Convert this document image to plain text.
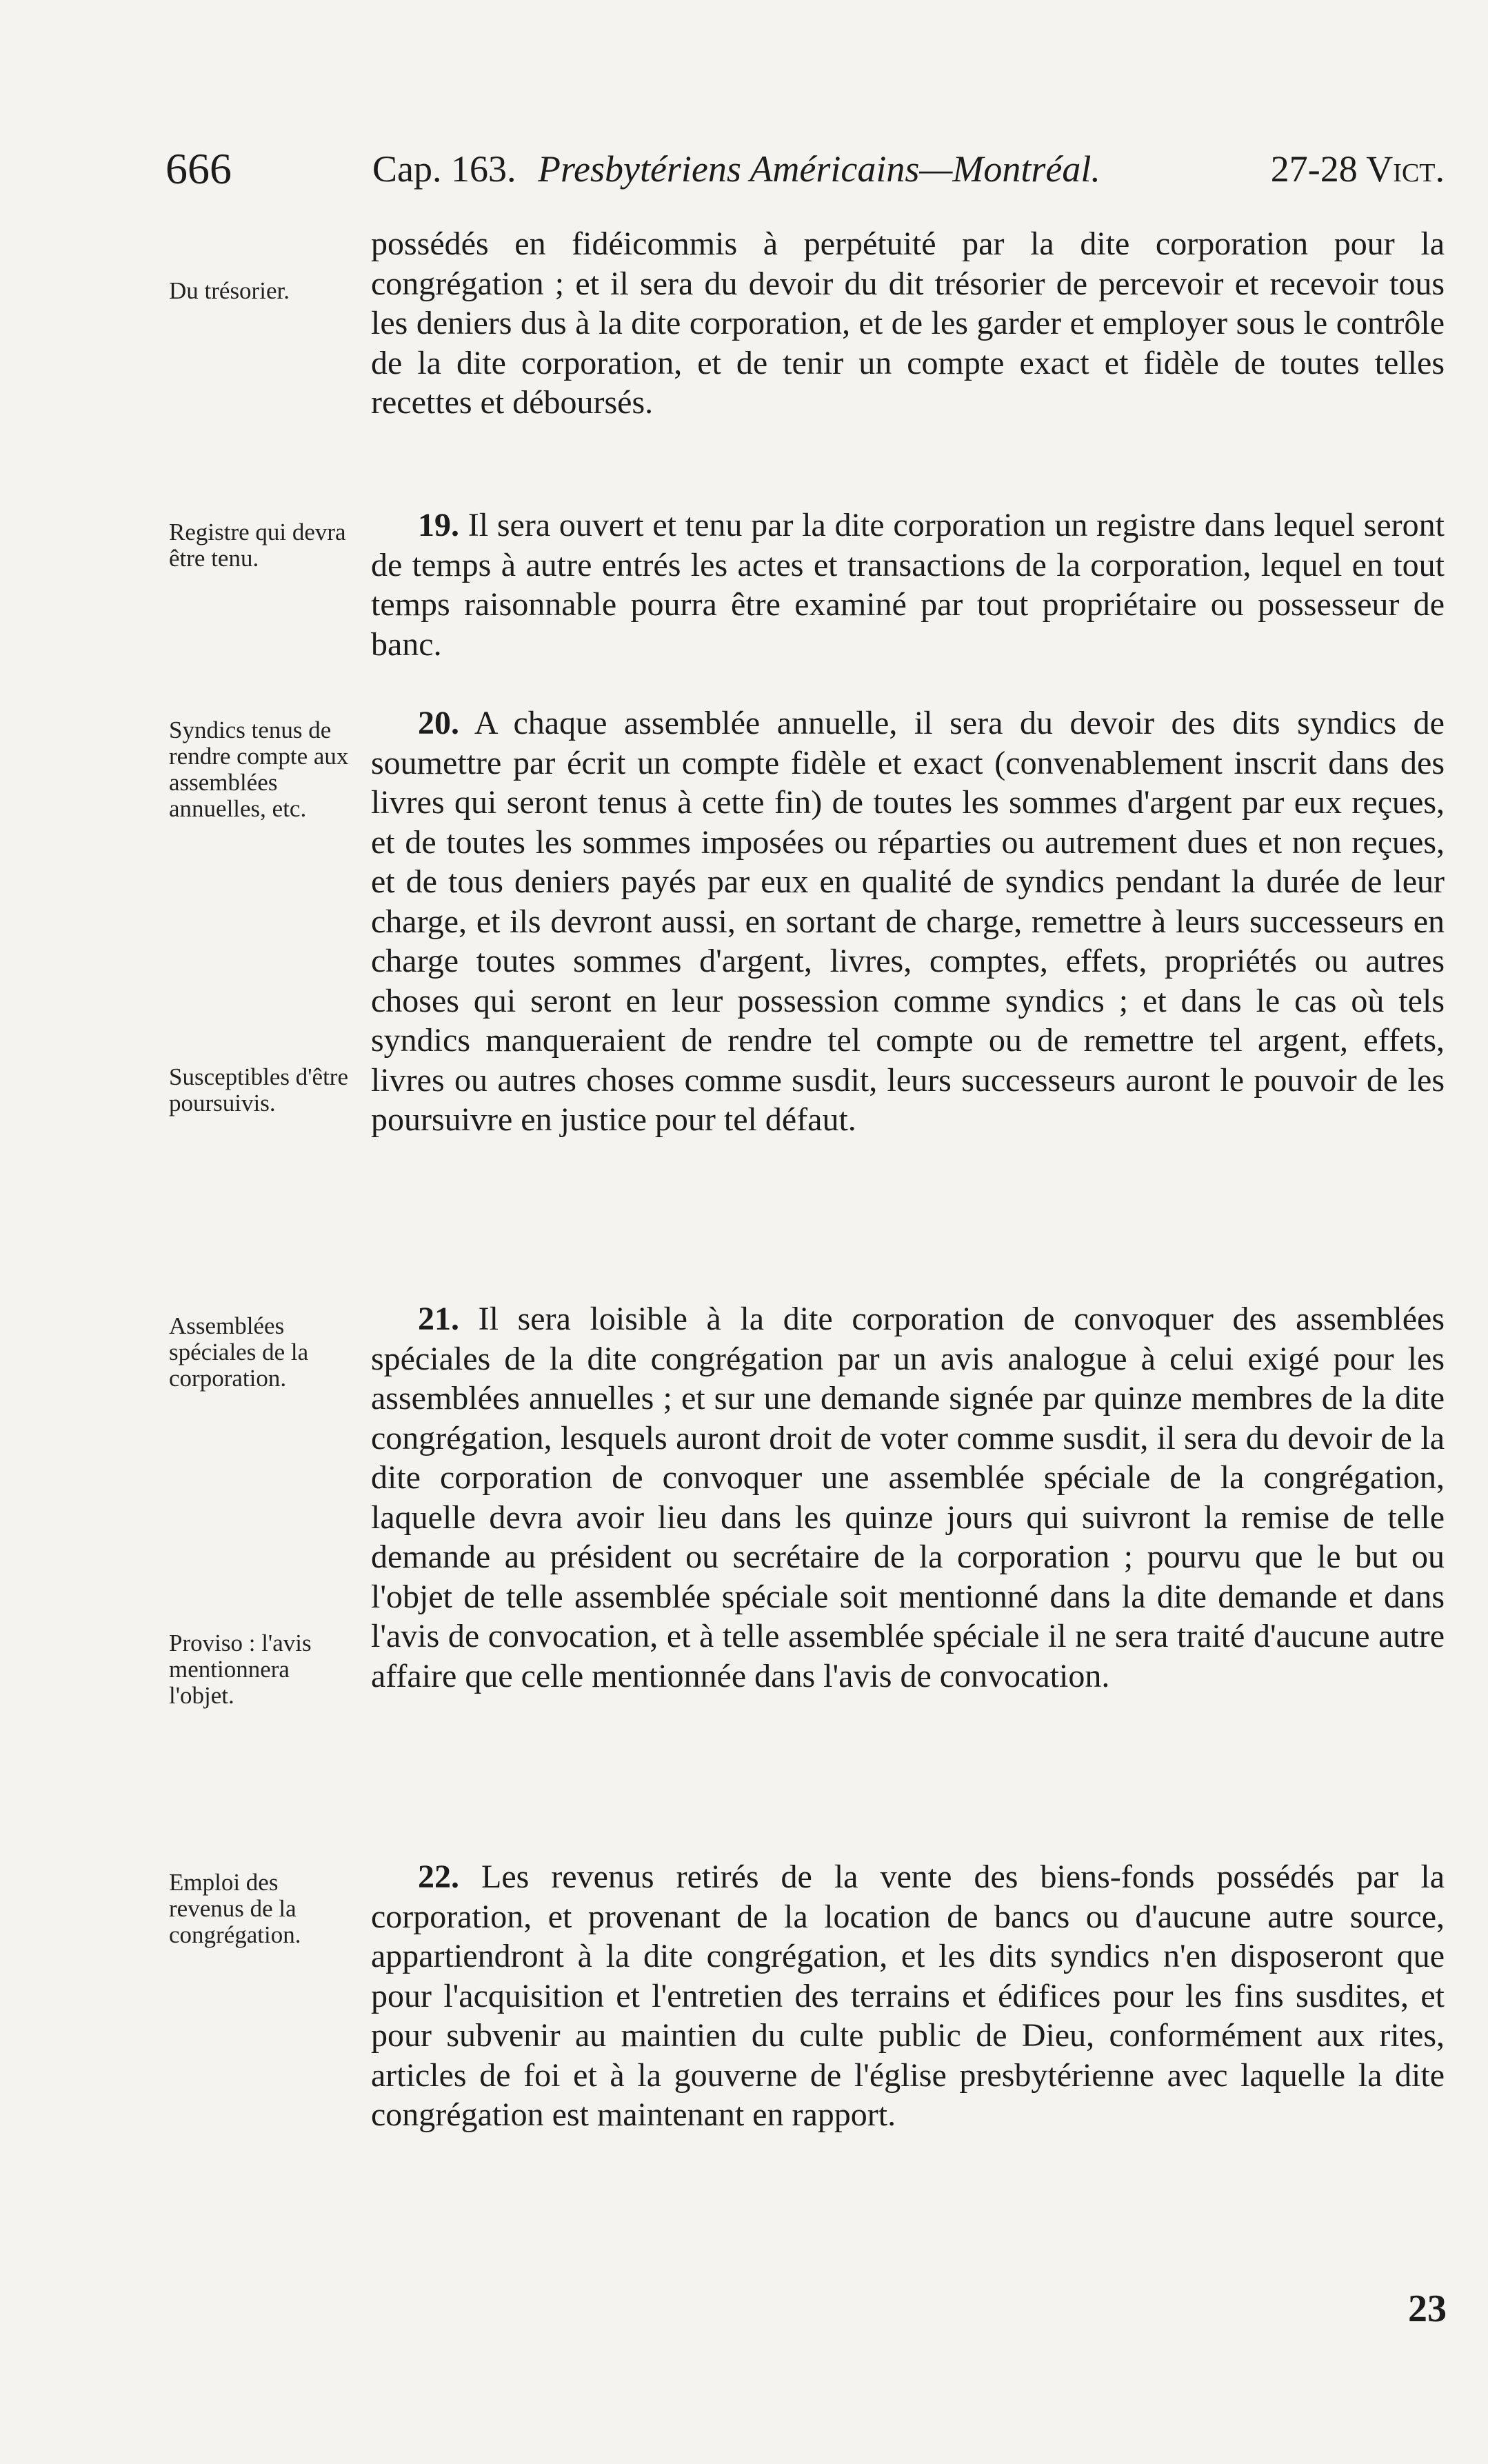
666	Cap. 163. Presbytériens Américains—Montréal.	27-28 Vict.
Du trésorier.
possédés en fidéicommis à perpétuité par la dite corporation pour la congrégation ; et il sera du devoir du dit trésorier de percevoir et recevoir tous les deniers dus à la dite corporation, et de les garder et employer sous le contrôle de la dite corporation, et de tenir un compte exact et fidèle de toutes telles recettes et déboursés.
Registre qui devra être tenu.
19. Il sera ouvert et tenu par la dite corporation un registre dans lequel seront de temps à autre entrés les actes et transactions de la corporation, lequel en tout temps raisonnable pourra être examiné par tout propriétaire ou possesseur de banc.
Syndics tenus de rendre compte aux assemblées annuelles, etc.
Susceptibles d'être poursuivis.
20. A chaque assemblée annuelle, il sera du devoir des dits syndics de soumettre par écrit un compte fidèle et exact (convenablement inscrit dans des livres qui seront tenus à cette fin) de toutes les sommes d'argent par eux reçues, et de toutes les sommes imposées ou réparties ou autrement dues et non reçues, et de tous deniers payés par eux en qualité de syndics pendant la durée de leur charge, et ils devront aussi, en sortant de charge, remettre à leurs successeurs en charge toutes sommes d'argent, livres, comptes, effets, propriétés ou autres choses qui seront en leur possession comme syndics ; et dans le cas où tels syndics manqueraient de rendre tel compte ou de remettre tel argent, effets, livres ou autres choses comme susdit, leurs successeurs auront le pouvoir de les poursuivre en justice pour tel défaut.
Assemblées spéciales de la corporation.
Proviso : l'avis mentionnera l'objet.
21. Il sera loisible à la dite corporation de convoquer des assemblées spéciales de la dite congrégation par un avis analogue à celui exigé pour les assemblées annuelles ; et sur une demande signée par quinze membres de la dite congrégation, lesquels auront droit de voter comme susdit, il sera du devoir de la dite corporation de convoquer une assemblée spéciale de la congrégation, laquelle devra avoir lieu dans les quinze jours qui suivront la remise de telle demande au président ou secrétaire de la corporation ; pourvu que le but ou l'objet de telle assemblée spéciale soit mentionné dans la dite demande et dans l'avis de convocation, et à telle assemblée spéciale il ne sera traité d'aucune autre affaire que celle mentionnée dans l'avis de convocation.
Emploi des revenus de la congrégation.
22. Les revenus retirés de la vente des biens-fonds possédés par la corporation, et provenant de la location de bancs ou d'aucune autre source, appartiendront à la dite congrégation, et les dits syndics n'en disposeront que pour l'acquisition et l'entretien des terrains et édifices pour les fins susdites, et pour subvenir au maintien du culte public de Dieu, conformément aux rites, articles de foi et à la gouverne de l'église presbytérienne avec laquelle la dite congrégation est maintenant en rapport.
23
